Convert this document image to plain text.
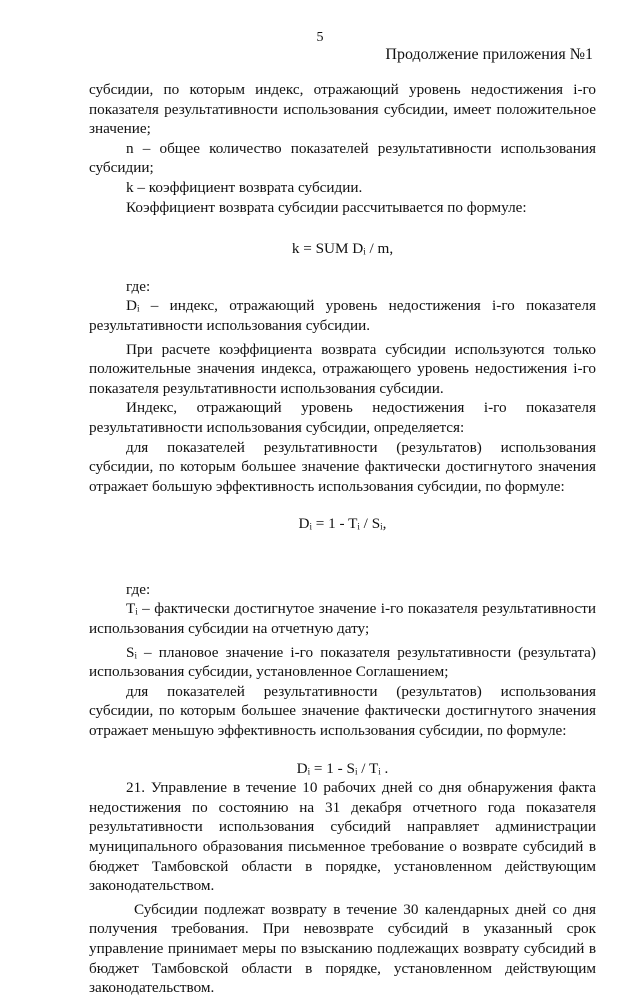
5
Продолжение приложения №1

субсидии, по которым индекс, отражающий уровень недостижения i-го показателя результативности использования субсидии, имеет положительное значение;

n – общее количество показателей результативности использования субсидии;

k – коэффициент возврата субсидии.

Коэффициент возврата субсидии рассчитывается по формуле:

k = SUM Dᵢ / m,

где:

Dᵢ – индекс, отражающий уровень недостижения i-го показателя результативности использования субсидии.

При расчете коэффициента возврата субсидии используются только положительные значения индекса, отражающего уровень недостижения i-го показателя результативности использования субсидии.

Индекс, отражающий уровень недостижения i-го показателя результативности использования субсидии, определяется:

для показателей результативности (результатов) использования субсидии, по которым большее значение фактически достигнутого значения отражает большую эффективность использования субсидии, по формуле:

Dᵢ = 1 - Tᵢ / Sᵢ,

где:

Tᵢ – фактически достигнутое значение i-го показателя результативности использования субсидии на отчетную дату;

Sᵢ – плановое значение i-го показателя результативности (результата) использования субсидии, установленное Соглашением;

для показателей результативности (результатов) использования субсидии, по которым большее значение фактически достигнутого значения отражает меньшую эффективность использования субсидии, по формуле:

Dᵢ = 1 - Sᵢ / Tᵢ .

21. Управление в течение 10 рабочих дней со дня обнаружения факта недостижения по состоянию на 31 декабря отчетного года показателя результативности использования субсидий направляет администрации муниципального образования письменное требование о возврате субсидий в бюджет Тамбовской области в порядке, установленном действующим законодательством.

Субсидии подлежат возврату в течение 30 календарных дней со дня получения требования. При невозврате субсидий в указанный срок управление принимает меры по взысканию подлежащих возврату субсидий в бюджет Тамбовской области в порядке, установленном действующим законодательством.
